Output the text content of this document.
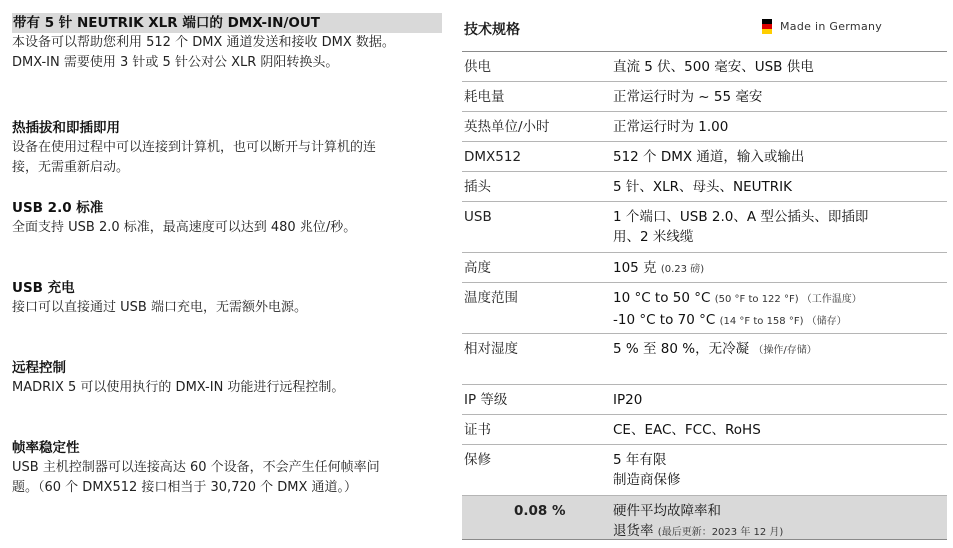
带有 5 针 NEUTRIK XLR 端口的 DMX-IN/OUT
本设备可以帮助您利用 512 个 DMX 通道发送和接收 DMX 数据。
DMX-IN 需要使用 3 针或 5 针公对公 XLR 阴阳转换头。
热插拔和即插即用
设备在使用过程中可以连接到计算机，也可以断开与计算机的连
接，无需重新启动。
USB 2.0 标准
全面支持 USB 2.0 标准，最高速度可以达到 480 兆位/秒。
USB 充电
接口可以直接通过 USB 端口充电，无需额外电源。
远程控制
MADRIX 5 可以使用执行的 DMX-IN 功能进行远程控制。
帧率稳定性
USB 主机控制器可以连接高达 60 个设备，不会产生任何帧率问
题。（60 个 DMX512 接口相当于 30,720 个 DMX 通道。）
技术规格	Made in Germany
供电	直流 5 伏、500 毫安、USB 供电
耗电量	正常运行时为 ~ 55 毫安
英热单位/小时	正常运行时为 1.00
DMX512	512 个 DMX 通道，输入或输出
插头	5 针、XLR、母头、NEUTRIK
USB	1 个端口、USB 2.0、A 型公插头、即插即
用、2 米线缆
高度	105 克 (0.23 磅)
温度范围	10 °C to 50 °C (50 °F to 122 °F) （工作温度）
-10 °C to 70 °C (14 °F to 158 °F) （储存）
相对湿度	5 % 至 80 %，无冷凝 （操作/存储）
IP 等级	IP20
证书	CE、EAC、FCC、RoHS
保修	5 年有限
制造商保修
0.08 %	硬件平均故障率和
退货率 (最后更新：2023 年 12 月)
